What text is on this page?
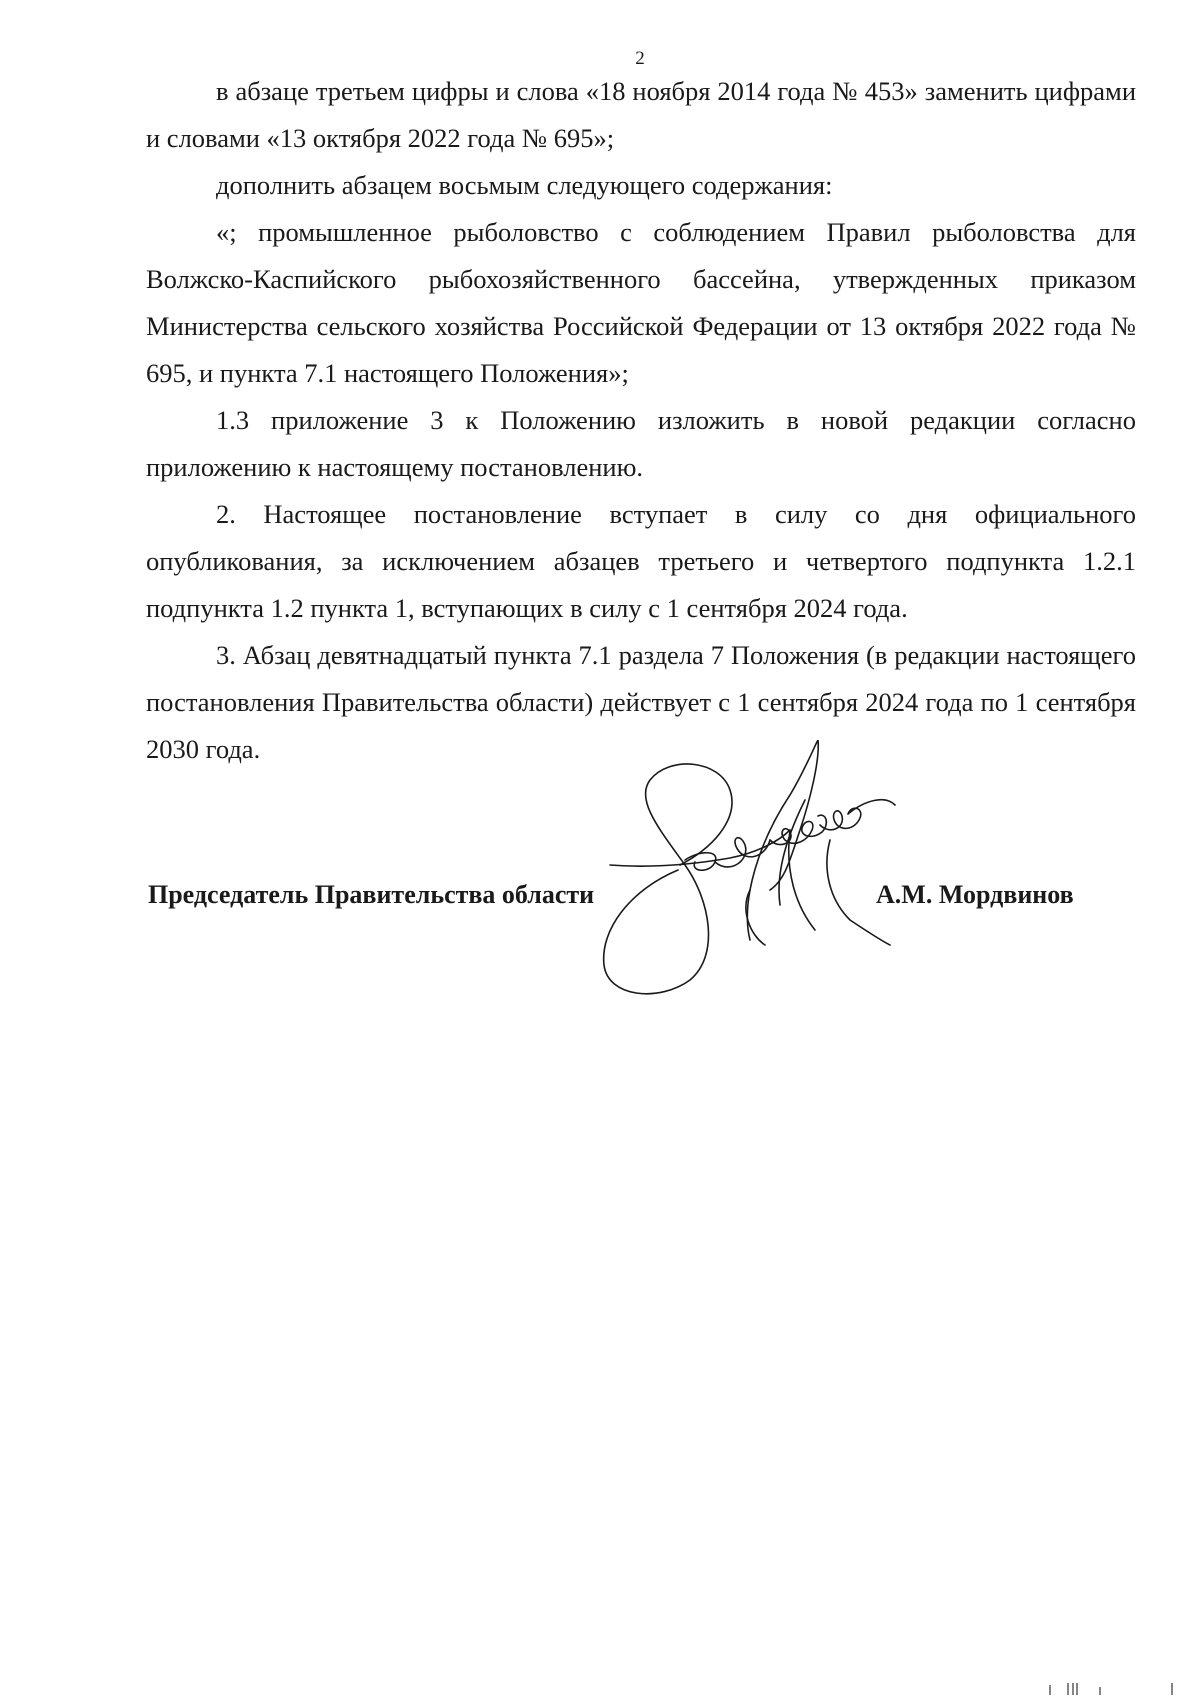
2

в абзаце третьем цифры и слова «18 ноября 2014 года № 453» заменить цифрами и словами «13 октября 2022 года № 695»;

дополнить абзацем восьмым следующего содержания:

«; промышленное рыболовство с соблюдением Правил рыболовства для Волжско-Каспийского рыбохозяйственного бассейна, утвержденных приказом Министерства сельского хозяйства Российской Федерации от 13 октября 2022 года № 695, и пункта 7.1 настоящего Положения»;

1.3 приложение 3 к Положению изложить в новой редакции согласно приложению к настоящему постановлению.

2. Настоящее постановление вступает в силу со дня официального опубликования, за исключением абзацев третьего и четвертого подпункта 1.2.1 подпункта 1.2 пункта 1, вступающих в силу с 1 сентября 2024 года.

3. Абзац девятнадцатый пункта 7.1 раздела 7 Положения (в редакции настоящего постановления Правительства области) действует с 1 сентября 2024 года по 1 сентября 2030 года.

Председатель Правительства области	А.М. Мордвинов
